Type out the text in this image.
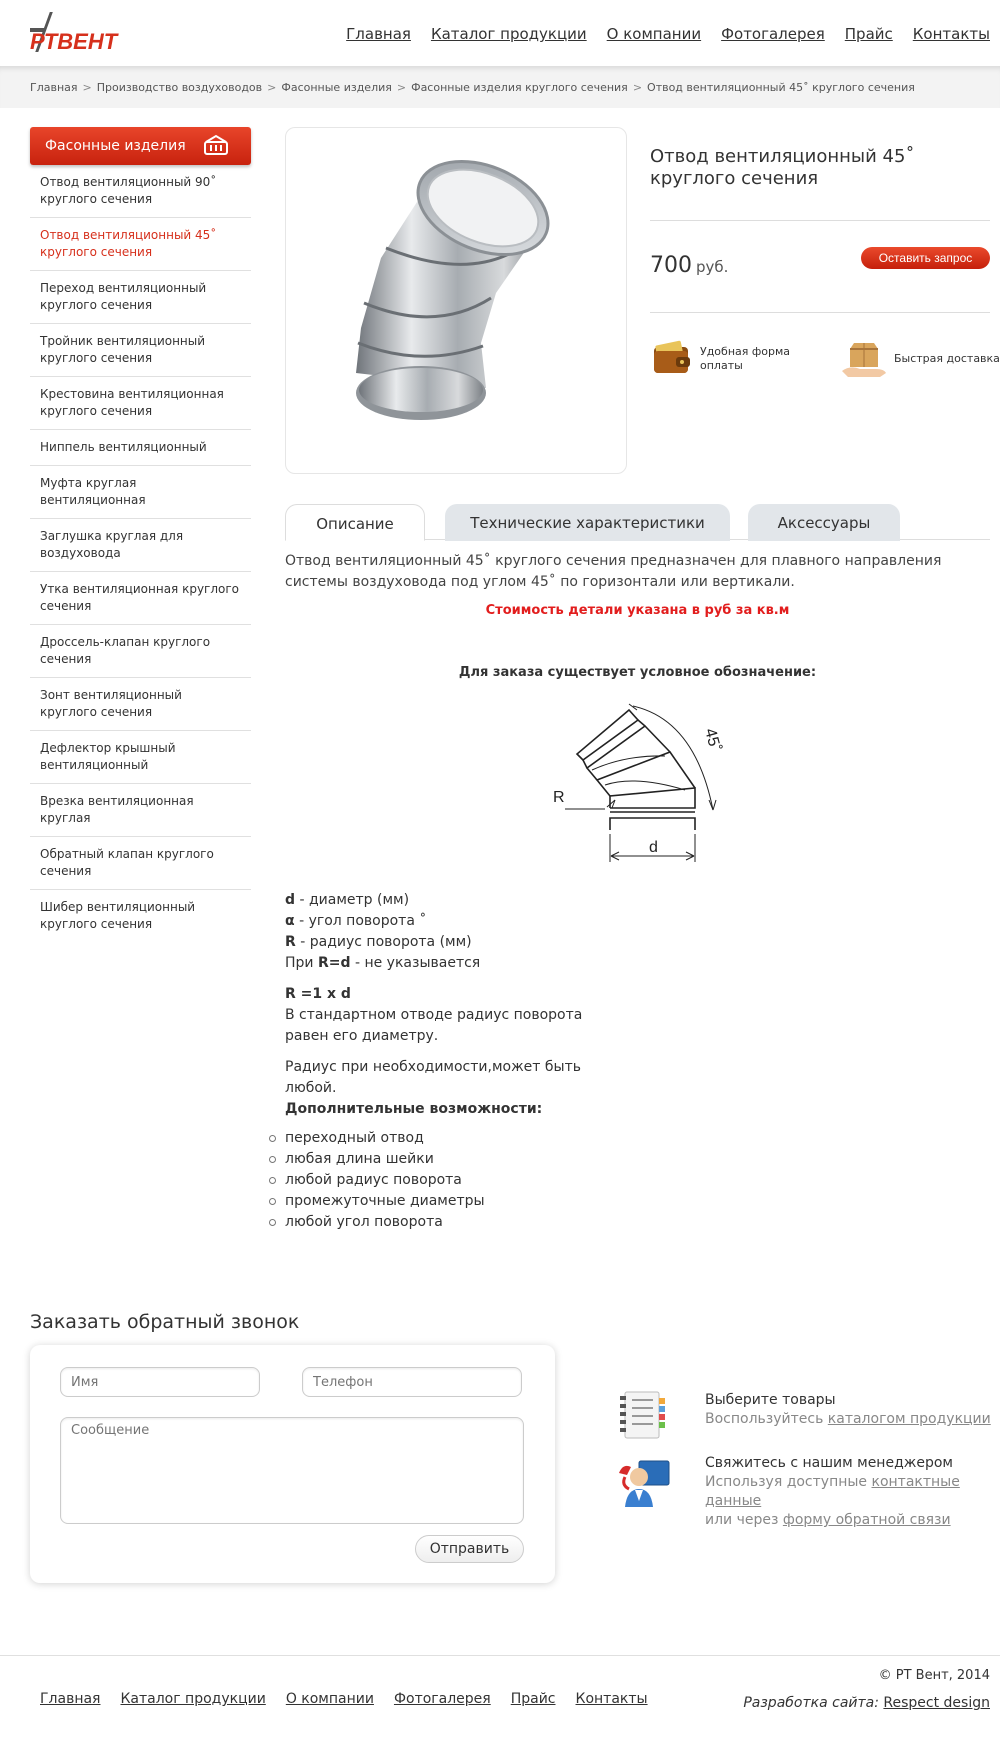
РТВЕНТ	Главная Каталог продукции О компании Фотогалерея Прайс Контакты
Главная > Производство воздуховодов > Фасонные изделия > Фасонные изделия круглого сечения > Отвод вентиляционный 45˚ круглого сечения
Фасонные изделия
Отвод вентиляционный 90˚ круглого сечения
Отвод вентиляционный 45˚ круглого сечения
Переход вентиляционный круглого сечения
Тройник вентиляционный круглого сечения
Крестовина вентиляционная круглого сечения
Ниппель вентиляционный
Муфта круглая вентиляционная
Заглушка круглая для воздуховода
Утка вентиляционная круглого сечения
Дроссель-клапан круглого сечения
Зонт вентиляционный круглого сечения
Дефлектор крышный вентиляционный
Врезка вентиляционная круглая
Обратный клапан круглого сечения
Шибер вентиляционный круглого сечения
Отвод вентиляционный 45˚ круглого сечения
700 руб.	Оставить запрос
Удобная форма оплаты
Быстрая доставка
Описание	Технические характеристики	Аксессуары

Отвод вентиляционный 45˚ круглого сечения предназначен для плавного направления системы воздуховода под углом 45˚ по горизонтали или вертикали.

Стоимость детали указана в руб за кв.м

Для заказа существует условное обозначение:

R
d
45˚
d - диаметр (мм)
α - угол поворота ˚
R - радиус поворота (мм)

При R=d - не указывается

R =1 x d

В стандартном отводе радиус поворота равен его диаметру.

Радиус при необходимости,может быть любой.
Дополнительные возможности:
переходный отвод
любая длина шейки
любой радиус поворота
промежуточные диаметры
любой угол поворота
Заказать обратный звонок
Имя
Телефон
Сообщение
Отправить
Выберите товары
Воспользуйтесь каталогом продукции
Свяжитесь с нашим менеджером
Используя доступные контактные данные
или через форму обратной связи
Главная Каталог продукции О компании Фотогалерея Прайс Контакты
© РТ Вент, 2014
Разработка сайта: Respect design
